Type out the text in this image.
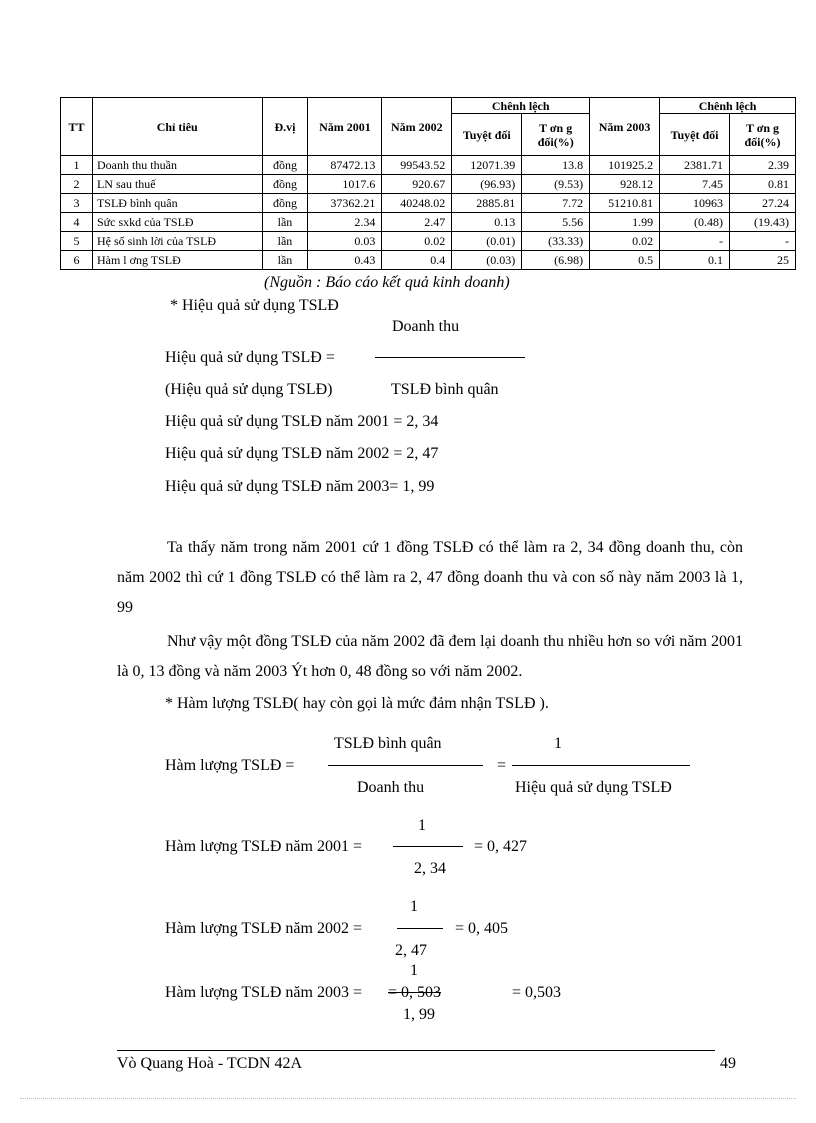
TT	Chỉ tiêu	Đ.vị	Năm 2001	Năm 2002	Chênh lệch		Năm 2003	Chênh lệch	
					Tuyệt đối	T ơn g đối(%)		Tuyệt đối	T ơn g đối(%)
1	Doanh thu thuần	đồng	87472.13	99543.52	12071.39	13.8	101925.2	2381.71	2.39
2	LN sau thuế	đồng	1017.6	920.67	(96.93)	(9.53)	928.12	7.45	0.81
3	TSLĐ bình quân	đồng	37362.21	40248.02	2885.81	7.72	51210.81	10963	27.24
4	Sức sxkd của TSLĐ	lần	2.34	2.47	0.13	5.56	1.99	(0.48)	(19.43)
5	Hệ số sinh lời của TSLĐ	lần	0.03	0.02	(0.01)	(33.33)	0.02	-	-
6	Hàm l ơng TSLĐ	lần	0.43	0.4	(0.03)	(6.98)	0.5	0.1	25
(Nguồn : Báo cáo kết quả kinh doanh)
* Hiệu quả sử dụng TSLĐ
Doanh thu
Hiệu quả sử dụng TSLĐ =
(Hiệu quả sử dụng TSLĐ)	TSLĐ bình quân
Hiệu quả sử dụng TSLĐ năm 2001 = 2, 34
Hiệu quả sử dụng TSLĐ năm 2002 = 2, 47
Hiệu quả sử dụng TSLĐ năm 2003= 1, 99
Ta thấy năm trong năm 2001 cứ 1 đồng TSLĐ có thể làm ra 2, 34 đồng doanh thu, còn năm 2002 thì cứ 1 đồng TSLĐ có thể làm ra 2, 47 đồng doanh thu và con số này năm 2003 là 1, 99
Như vậy một đồng TSLĐ của năm 2002 đã đem lại doanh thu nhiều hơn so với năm 2001 là 0, 13 đồng và năm 2003 Ýt hơn 0, 48 đồng so với năm 2002.
* Hàm lượng TSLĐ( hay còn gọi là mức đảm nhận TSLĐ ).
TSLĐ bình quân	1
Hàm lượng TSLĐ =	=
Doanh thu	Hiệu quả sử dụng TSLĐ
1
Hàm lượng TSLĐ năm 2001 =	= 0, 427
2, 34
1
Hàm lượng TSLĐ năm 2002 =	= 0, 405
2, 47
1
Hàm lượng TSLĐ năm 2003 = = 0, 503	= 0,503
1, 99
Vò Quang Hoà - TCDN 42A	49
